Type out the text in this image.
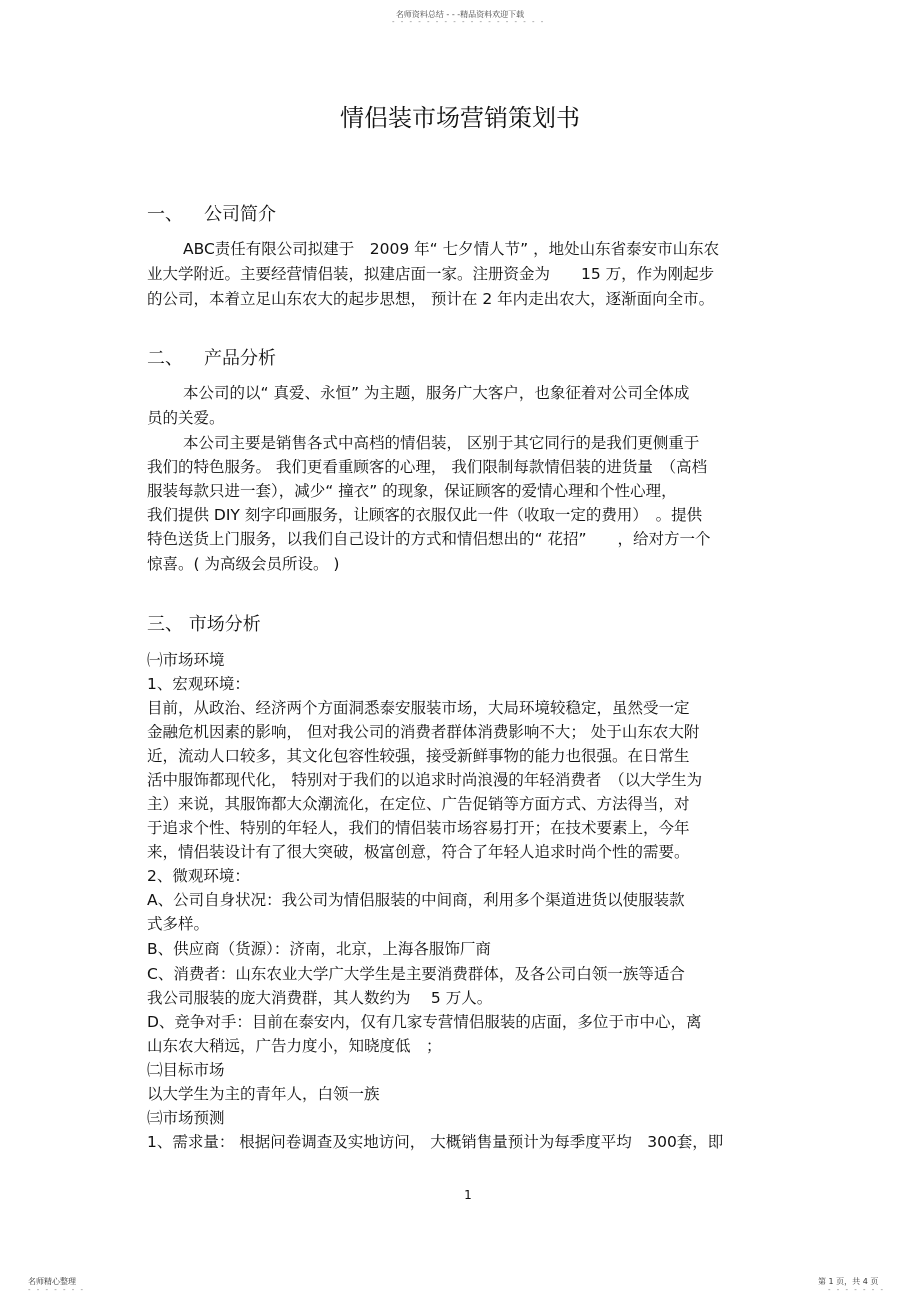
名师资料总结 - - -精品资料欢迎下载
- - - - - - - - - - - - - - - - - -
情侣装市场营销策划书
一、 公司简介
ABC责任有限公司拟建于　2009 年“ 七夕情人节” ，地处山东省泰安市山东农
业大学附近。主要经营情侣装，拟建店面一家。注册资金为　　15 万，作为刚起步
的公司，本着立足山东农大的起步思想， 预计在 2 年内走出农大，逐渐面向全市。
二、 产品分析
本公司的以“ 真爱、永恒” 为主题，服务广大客户，也象征着对公司全体成
员的关爱。
本公司主要是销售各式中高档的情侣装， 区别于其它同行的是我们更侧重于
我们的特色服务。 我们更看重顾客的心理， 我们限制每款情侣装的进货量　（高档
服装每款只进一套），减少“ 撞衣” 的现象，保证顾客的爱情心理和个性心理，
我们提供 DIY 刻字印画服务，让顾客的衣服仅此一件（收取一定的费用）　。提供
特色送货上门服务，以我们自己设计的方式和情侣想出的“ 花招”　　，给对方一个
惊喜。( 为高级会员所设。 )
三、 市场分析
㈠市场环境
1、宏观环境：
目前，从政治、经济两个方面洞悉泰安服装市场，大局环境较稳定，虽然受一定
金融危机因素的影响， 但对我公司的消费者群体消费影响不大； 处于山东农大附
近，流动人口较多，其文化包容性较强，接受新鲜事物的能力也很强。在日常生
活中服饰都现代化， 特别对于我们的以追求时尚浪漫的年轻消费者　（以大学生为
主）来说，其服饰都大众潮流化，在定位、广告促销等方面方式、方法得当，对
于追求个性、特别的年轻人，我们的情侣装市场容易打开；在技术要素上，今年
来，情侣装设计有了很大突破，极富创意，符合了年轻人追求时尚个性的需要。
2、微观环境：
A、公司自身状况：我公司为情侣服装的中间商，利用多个渠道进货以使服装款
式多样。
B、供应商（货源）：济南，北京，上海各服饰厂商
C、消费者：山东农业大学广大学生是主要消费群体，及各公司白领一族等适合
我公司服装的庞大消费群，其人数约为　 5 万人。
D、竞争对手：目前在泰安内，仅有几家专营情侣服装的店面，多位于市中心，离
山东农大稍远，广告力度小，知晓度低　；
㈡目标市场
以大学生为主的青年人，白领一族
㈢市场预测
1、需求量： 根据问卷调查及实地访问， 大概销售量预计为每季度平均　300套，即
1
名师精心整理
- - - - - - -
第 1 页，共 4 页
- - - - - - -
